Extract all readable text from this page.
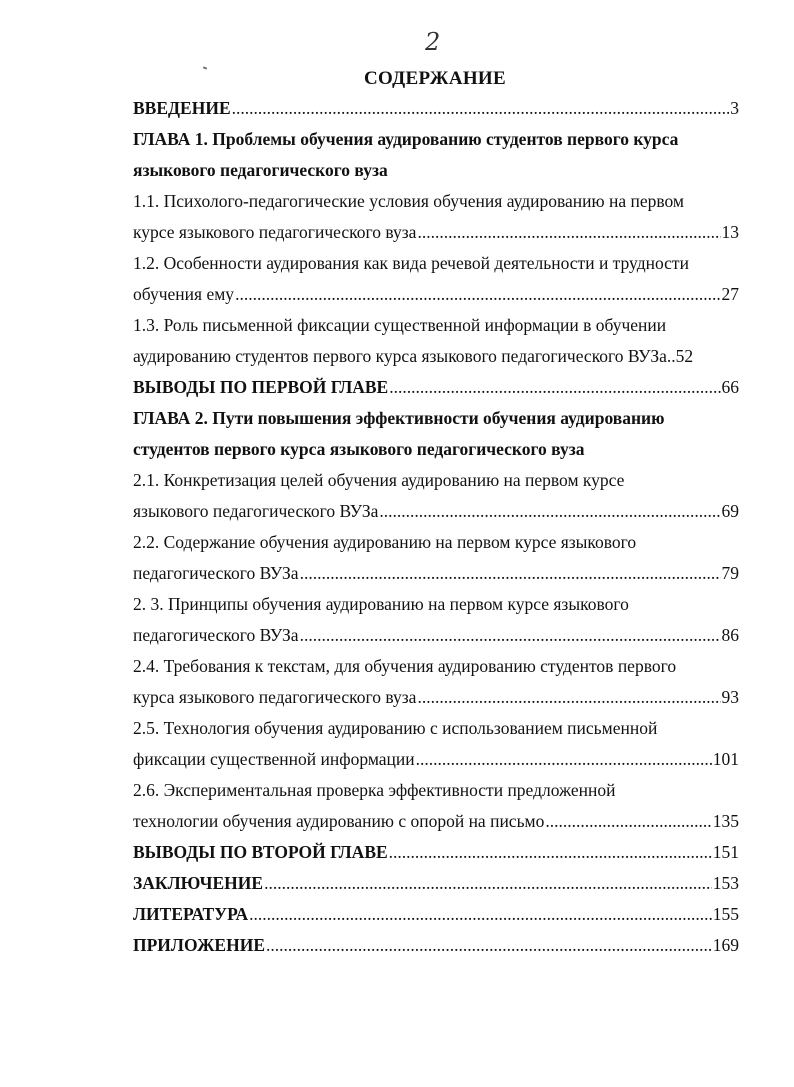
2
СОДЕРЖАНИЕ
ВВЕДЕНИЕ .....	3
ГЛАВА 1. Проблемы обучения аудированию студентов первого курса
языкового педагогического вуза
1.1. Психолого-педагогические условия обучения аудированию на первом
курсе языкового педагогического вуза .....	13
1.2. Особенности аудирования как вида речевой деятельности и трудности
обучения ему .....	27
1.3. Роль письменной фиксации существенной информации в обучении
аудированию студентов первого курса языкового педагогического ВУЗа..52
ВЫВОДЫ ПО ПЕРВОЙ ГЛАВЕ .....	66
ГЛАВА 2. Пути повышения эффективности обучения аудированию
студентов первого курса языкового педагогического вуза
2.1. Конкретизация целей обучения аудированию на первом курсе
языкового педагогического ВУЗа .....	69
2.2. Содержание обучения аудированию на первом курсе языкового
педагогического ВУЗа .....	79
2. 3. Принципы обучения аудированию на первом курсе языкового
педагогического ВУЗа .....	86
2.4. Требования к текстам, для обучения аудированию студентов первого
курса языкового педагогического вуза .....	93
2.5. Технология обучения аудированию с использованием письменной
фиксации существенной информации .....	101
2.6. Экспериментальная проверка эффективности предложенной
технологии обучения аудированию с опорой на письмо .....	135
ВЫВОДЫ ПО ВТОРОЙ ГЛАВЕ .....	151
ЗАКЛЮЧЕНИЕ .....	153
ЛИТЕРАТУРА .....	155
ПРИЛОЖЕНИЕ .....	169
